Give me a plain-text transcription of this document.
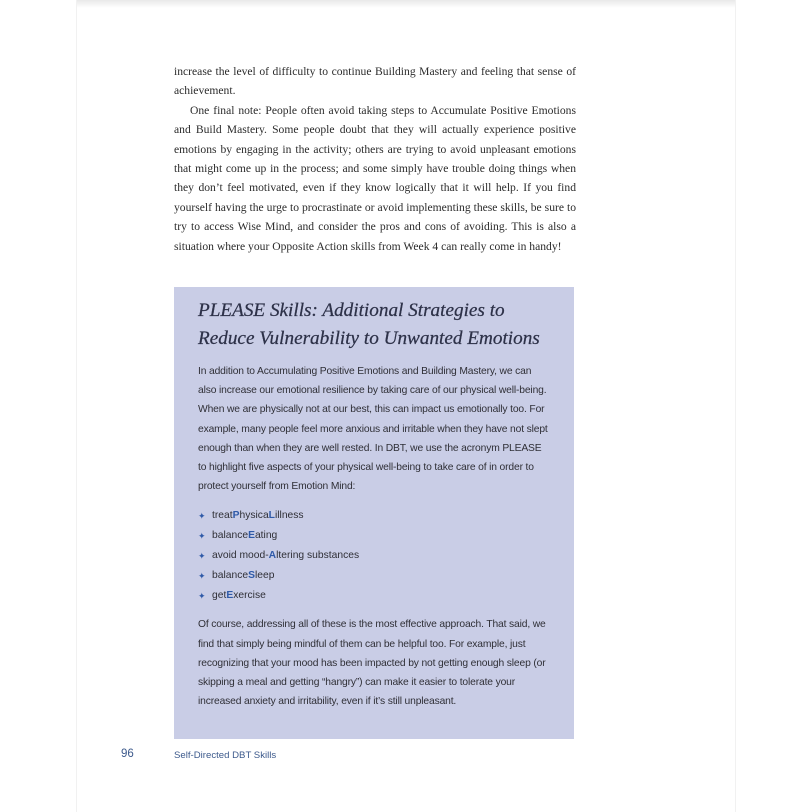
increase the level of difficulty to continue Building Mastery and feeling that sense of achievement.

One final note: People often avoid taking steps to Accumulate Positive Emotions and Build Mastery. Some people doubt that they will actually experience positive emotions by engaging in the activity; others are trying to avoid unpleasant emotions that might come up in the process; and some simply have trouble doing things when they don’t feel motivated, even if they know logically that it will help. If you find yourself having the urge to procrastinate or avoid implementing these skills, be sure to try to access Wise Mind, and consider the pros and cons of avoiding. This is also a situation where your Opposite Action skills from Week 4 can really come in handy!

PLEASE Skills: Additional Strategies to
Reduce Vulnerability to Unwanted Emotions

In addition to Accumulating Positive Emotions and Building Mastery, we can also increase our emotional resilience by taking care of our physical well-being. When we are physically not at our best, this can impact us emotionally too. For example, many people feel more anxious and irritable when they have not slept enough than when they are well rested. In DBT, we use the acronym PLEASE to highlight five aspects of your physical well-being to take care of in order to protect yourself from Emotion Mind:

✦ treat P hysica L illness
✦ balance E ating
✦ avoid mood- A ltering substances
✦ balance S leep
✦ get E xercise

Of course, addressing all of these is the most effective approach. That said, we find that simply being mindful of them can be helpful too. For example, just recognizing that your mood has been impacted by not getting enough sleep (or skipping a meal and getting “hangry”) can make it easier to tolerate your increased anxiety and irritability, even if it’s still unpleasant.

96	Self-Directed DBT Skills
